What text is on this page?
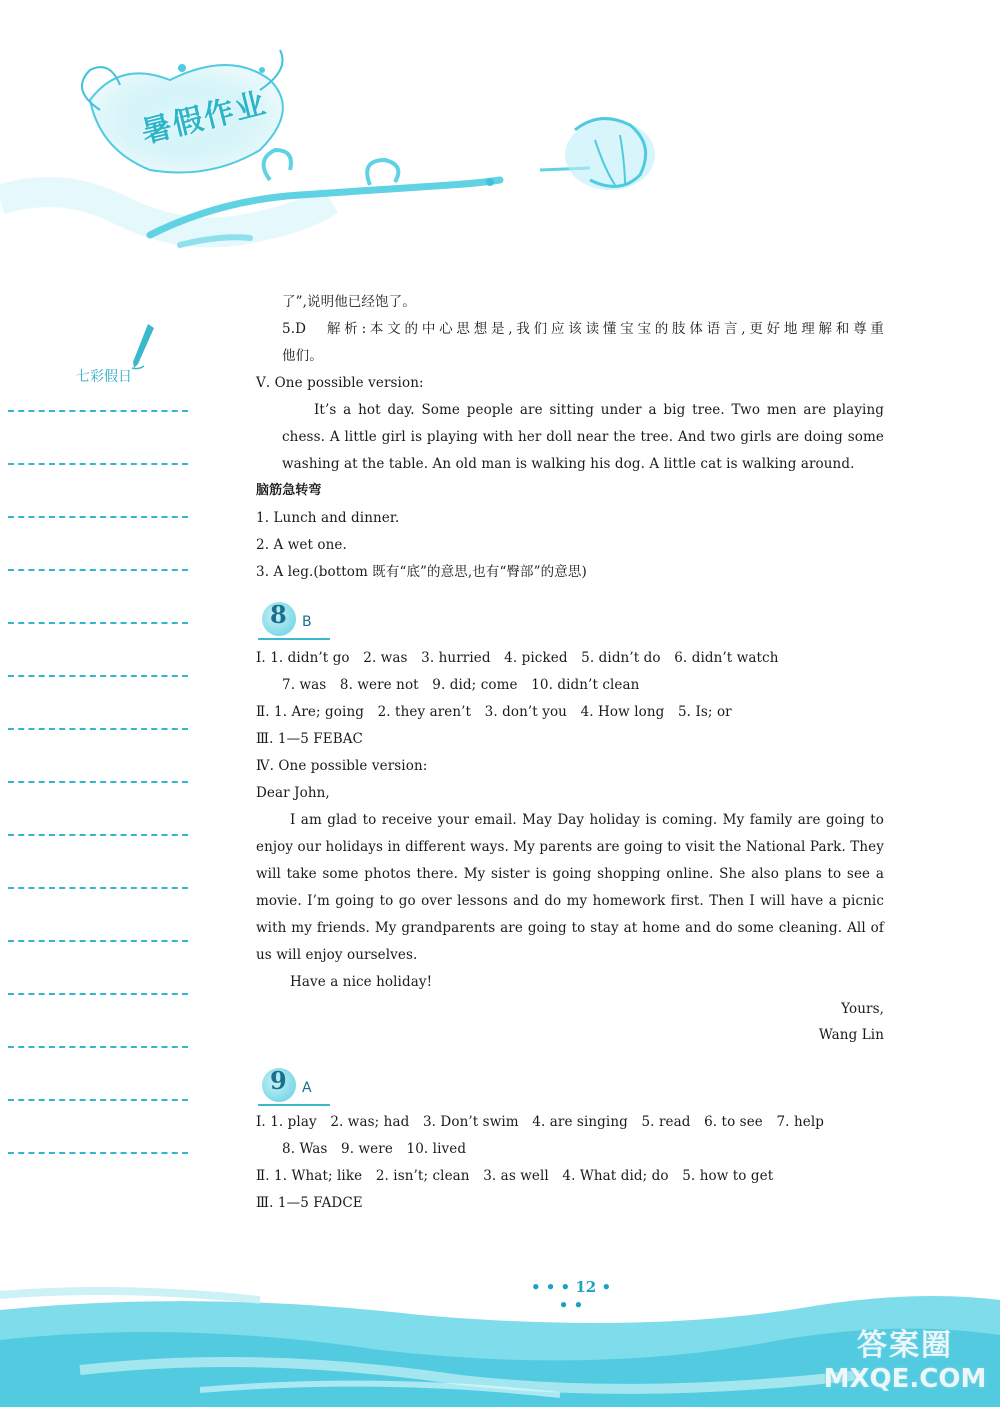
暑假作业
七彩假日
了”,说明他已经饱了。
5.D　解析:本文的中心思想是,我们应该读懂宝宝的肢体语言,更好地理解和尊重
他们。
Ⅴ. One possible version:
It’s a hot day. Some people are sitting under a big tree. Two men are playing
chess. A little girl is playing with her doll near the tree. And two girls are doing some
washing at the table. An old man is walking his dog. A little cat is walking around.
脑筋急转弯
1. Lunch and dinner.
2. A wet one.
3. A leg.(bottom 既有“底”的意思,也有“臀部”的意思)
Ⅰ. 1. didn’t go　2. was　3. hurried　4. picked　5. didn’t do　6. didn’t watch
7. was　8. were not　9. did; come　10. didn’t clean
Ⅱ. 1. Are; going　2. they aren’t　3. don’t you　4. How long　5. Is; or
Ⅲ. 1—5 FEBAC
Ⅳ. One possible version:
Dear John,
I am glad to receive your email. May Day holiday is coming. My family are going to
enjoy our holidays in different ways. My parents are going to visit the National Park. They
will take some photos there. My sister is going shopping online. She also plans to see a
movie. I’m going to go over lessons and do my homework first. Then I will have a picnic
with my friends. My grandparents are going to stay at home and do some cleaning. All of
us will enjoy ourselves.
Have a nice holiday!
Yours,
Wang Lin
Ⅰ. 1. play　2. was; had　3. Don’t swim　4. are singing　5. read　6. to see　7. help
8. Was　9. were　10. lived
Ⅱ. 1. What; like　2. isn’t; clean　3. as well　4. What did; do　5. how to get
Ⅲ. 1—5 FADCE
8 B
9 A
• • • 12 • • •
答案圈
MXQE.COM
